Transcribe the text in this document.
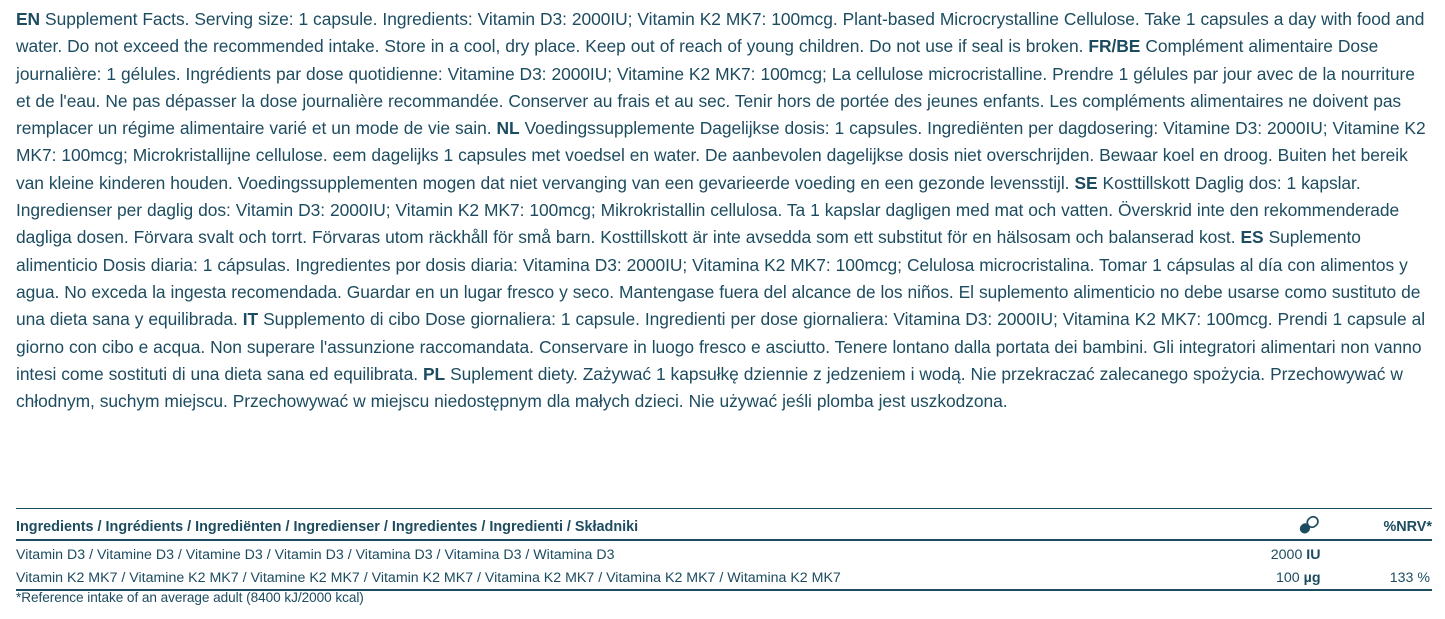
EN Supplement Facts. Serving size: 1 capsule. Ingredients: Vitamin D3: 2000IU; Vitamin K2 MK7: 100mcg. Plant-based Microcrystalline Cellulose. Take 1 capsules a day with food and water. Do not exceed the recommended intake. Store in a cool, dry place. Keep out of reach of young children. Do not use if seal is broken. FR/BE Complément alimentaire Dose journalière: 1 gélules. Ingrédients par dose quotidienne: Vitamine D3: 2000IU; Vitamine K2 MK7: 100mcg; La cellulose microcristalline. Prendre 1 gélules par jour avec de la nourriture et de l'eau. Ne pas dépasser la dose journalière recommandée. Conserver au frais et au sec. Tenir hors de portée des jeunes enfants. Les compléments alimentaires ne doivent pas remplacer un régime alimentaire varié et un mode de vie sain. NL Voedingssupplemente Dagelijkse dosis: 1 capsules. Ingrediënten per dagdosering: Vitamine D3: 2000IU; Vitamine K2 MK7: 100mcg; Microkristallijne cellulose. eem dagelijks 1 capsules met voedsel en water. De aanbevolen dagelijkse dosis niet overschrijden. Bewaar koel en droog. Buiten het bereik van kleine kinderen houden. Voedingssupplementen mogen dat niet vervanging van een gevarieerde voeding en een gezonde levensstijl. SE Kosttillskott Daglig dos: 1 kapslar. Ingredienser per daglig dos: Vitamin D3: 2000IU; Vitamin K2 MK7: 100mcg; Mikrokristallin cellulosa. Ta 1 kapslar dagligen med mat och vatten. Överskrid inte den rekommenderade dagliga dosen. Förvara svalt och torrt. Förvaras utom räckhåll för små barn. Kosttillskott är inte avsedda som ett substitut för en hälsosam och balanserad kost. ES Suplemento alimenticio Dosis diaria: 1 cápsulas. Ingredientes por dosis diaria: Vitamina D3: 2000IU; Vitamina K2 MK7: 100mcg; Celulosa microcristalina. Tomar 1 cápsulas al día con alimentos y agua. No exceda la ingesta recomendada. Guardar en un lugar fresco y seco. Mantengase fuera del alcance de los niños. El suplemento alimenticio no debe usarse como sustituto de una dieta sana y equilibrada. IT Supplemento di cibo Dose giornaliera: 1 capsule. Ingredienti per dose giornaliera: Vitamina D3: 2000IU; Vitamina K2 MK7: 100mcg. Prendi 1 capsule al giorno con cibo e acqua. Non superare l'assunzione raccomandata. Conservare in luogo fresco e asciutto. Tenere lontano dalla portata dei bambini. Gli integratori alimentari non vanno intesi come sostituti di una dieta sana ed equilibrata. PL Suplement diety. Zażywać 1 kapsułkę dziennie z jedzeniem i wodą. Nie przekraczać zalecanego spożycia. Przechowywać w chłodnym, suchym miejscu. Przechowywać w miejscu niedostępnym dla małych dzieci. Nie używać jeśli plomba jest uszkodzona.
Ingredients / Ingrédients / Ingrediënten / Ingredienser / Ingredientes / Ingredienti / Składniki		%NRV*
Vitamin D3 / Vitamine D3 / Vitamine D3 / Vitamin D3 / Vitamina D3 / Vitamina D3 / Witamina D3	2000 IU	
Vitamin K2 MK7 / Vitamine K2 MK7 / Vitamine K2 MK7 / Vitamin K2 MK7 / Vitamina K2 MK7 / Vitamina K2 MK7 / Witamina K2 MK7	100 µg	133 %
*Reference intake of an average adult (8400 kJ/2000 kcal)
